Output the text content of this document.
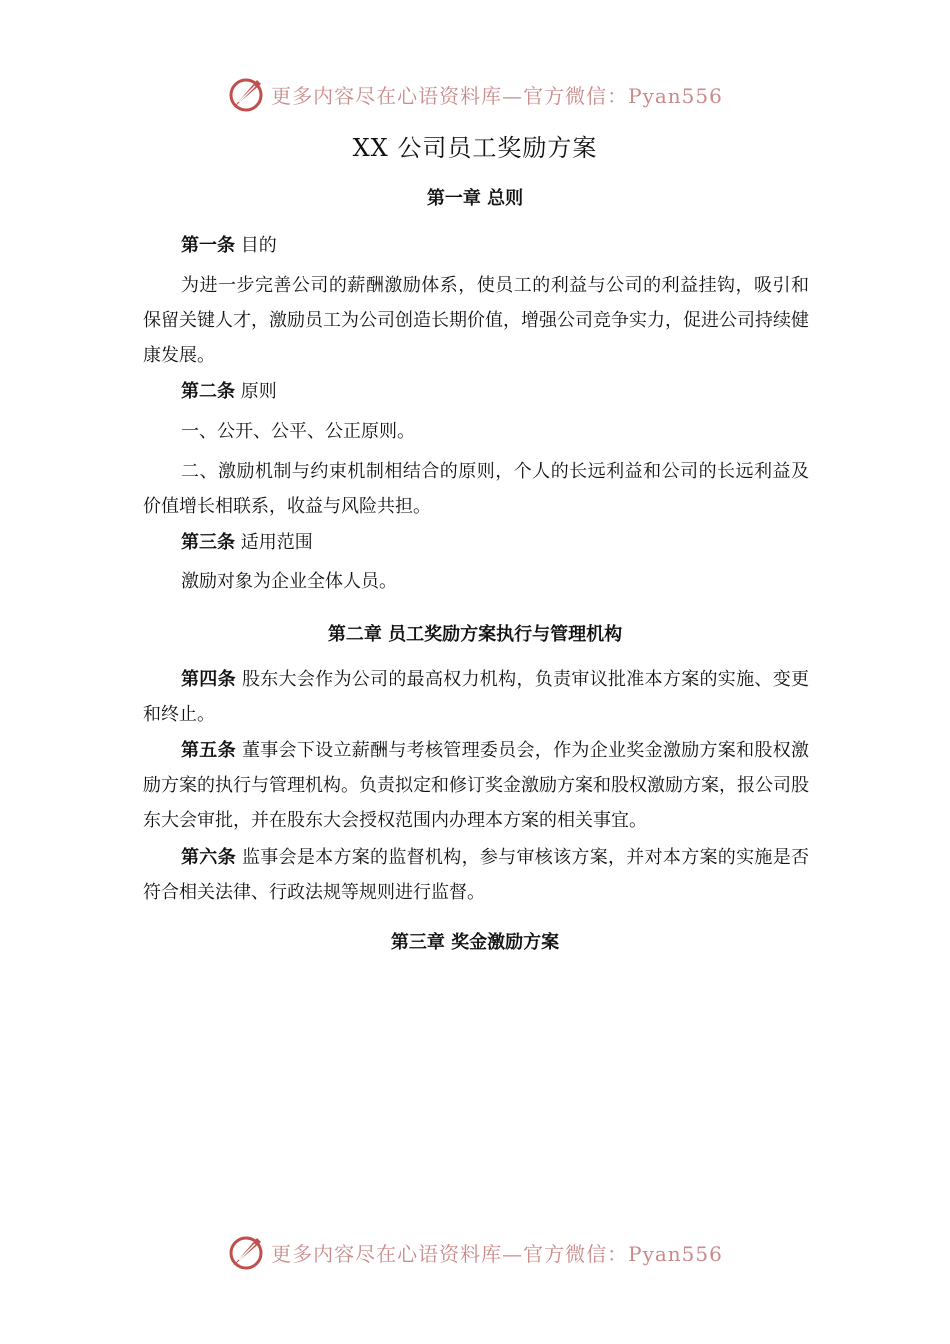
更多内容尽在心语资料库—官方微信：Pyan556
XX 公司员工奖励方案
第一章 总则
第一条 目的
为进一步完善公司的薪酬激励体系，使员工的利益与公司的利益挂钩，吸引和保留关键人才，激励员工为公司创造长期价值，增强公司竞争实力，促进公司持续健康发展。
第二条 原则
一、公开、公平、公正原则。
二、激励机制与约束机制相结合的原则，个人的长远利益和公司的长远利益及价值增长相联系，收益与风险共担。
第三条 适用范围
激励对象为企业全体人员。
第二章 员工奖励方案执行与管理机构
第四条 股东大会作为公司的最高权力机构，负责审议批准本方案的实施、变更和终止。
第五条 董事会下设立薪酬与考核管理委员会，作为企业奖金激励方案和股权激励方案的执行与管理机构。负责拟定和修订奖金激励方案和股权激励方案，报公司股东大会审批，并在股东大会授权范围内办理本方案的相关事宜。
第六条 监事会是本方案的监督机构，参与审核该方案，并对本方案的实施是否符合相关法律、行政法规等规则进行监督。
第三章 奖金激励方案
更多内容尽在心语资料库—官方微信：Pyan556
